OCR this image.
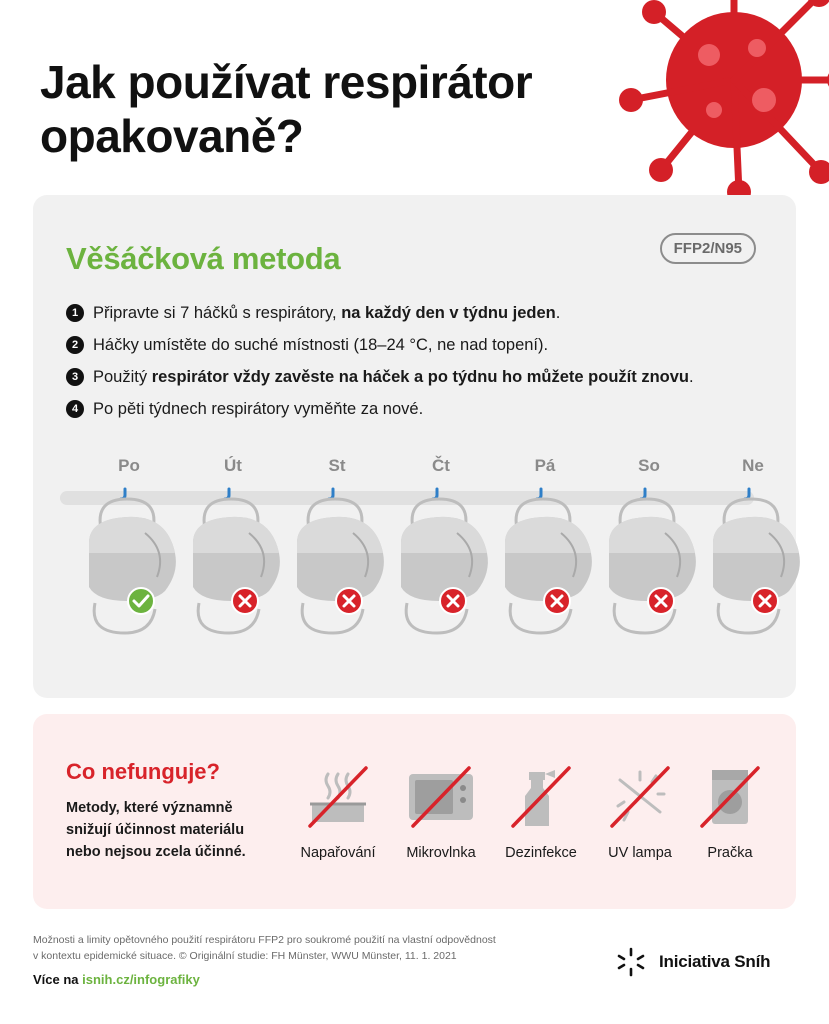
Jak používat respirátor
opakovaně?
Věšáčková metoda	FFP2/N95
1 Připravte si 7 háčků s respirátory, na každý den v týdnu jeden.
2 Háčky umístěte do suché místnosti (18–24 °C, ne nad topení).
3 Použitý respirátor vždy zavěste na háček a po týdnu ho můžete použít znovu.
4 Po pěti týdnech respirátory vyměňte za nové.
Po	Út	St	Čt	Pá	So	Ne
Co nefunguje?

Metody, které významně snižují účinnost materiálu nebo nejsou zcela účinné.	Napařování	Mikrovlnka	Dezinfekce	UV lampa	Pračka

Možnosti a limity opětovného použití respirátoru FFP2 pro soukromé použití na vlastní odpovědnost
v kontextu epidemické situace. © Originální studie: FH Münster, WWU Münster, 11. 1. 2021

Více na isnih.cz/infografiky

Iniciativa Sníh
